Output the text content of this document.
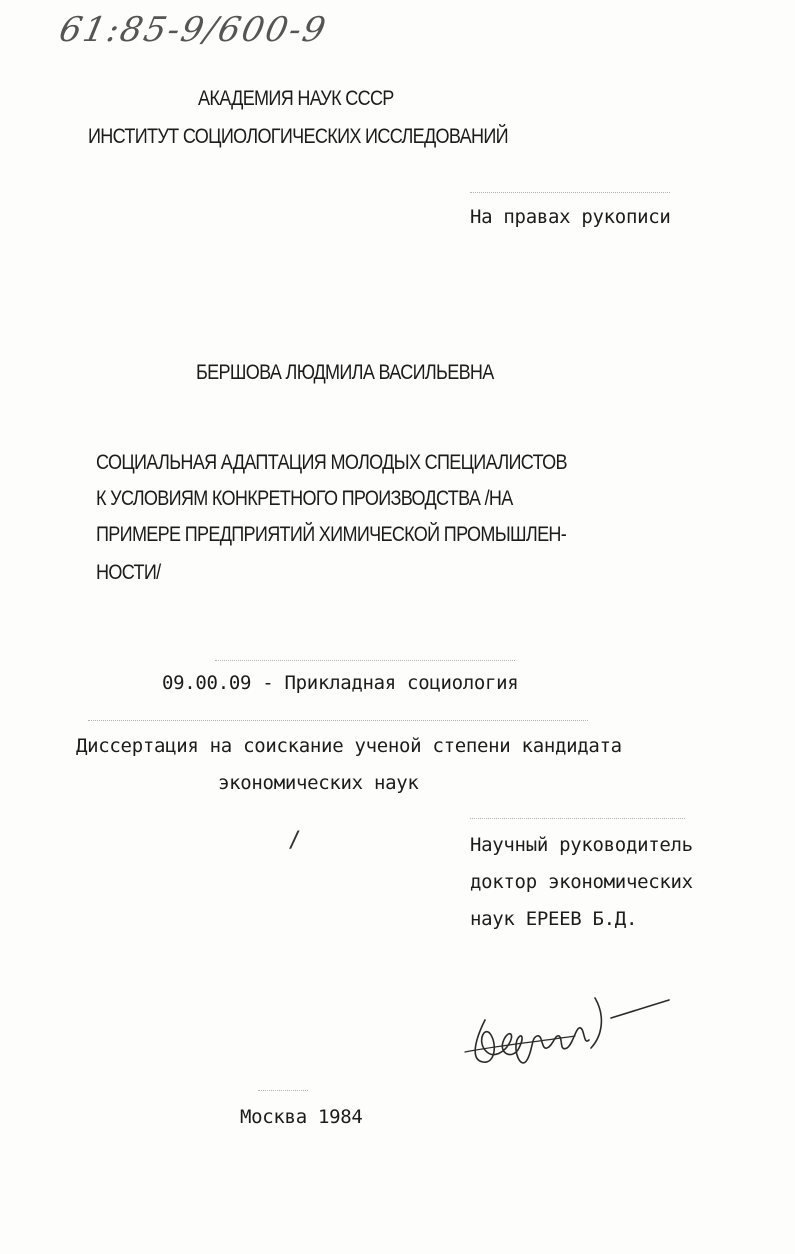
61:85-9/600-9
АКАДЕМИЯ НАУК СССР
ИНСТИТУТ СОЦИОЛОГИЧЕСКИХ ИССЛЕДОВАНИЙ
На правах рукописи
БЕРШОВА ЛЮДМИЛА ВАСИЛЬЕВНА
СОЦИАЛЬНАЯ АДАПТАЦИЯ МОЛОДЫХ СПЕЦИАЛИСТОВ
К УСЛОВИЯМ КОНКРЕТНОГО ПРОИЗВОДСТВА /НА
ПРИМЕРЕ ПРЕДПРИЯТИЙ ХИМИЧЕСКОЙ ПРОМЫШЛЕН-
НОСТИ/
09.00.09 - Прикладная социология
Диссертация на соискание ученой степени кандидата
экономических наук
/	Научный руководитель
доктор экономических
наук ЕРЕЕВ Б.Д.
Москва 1984
